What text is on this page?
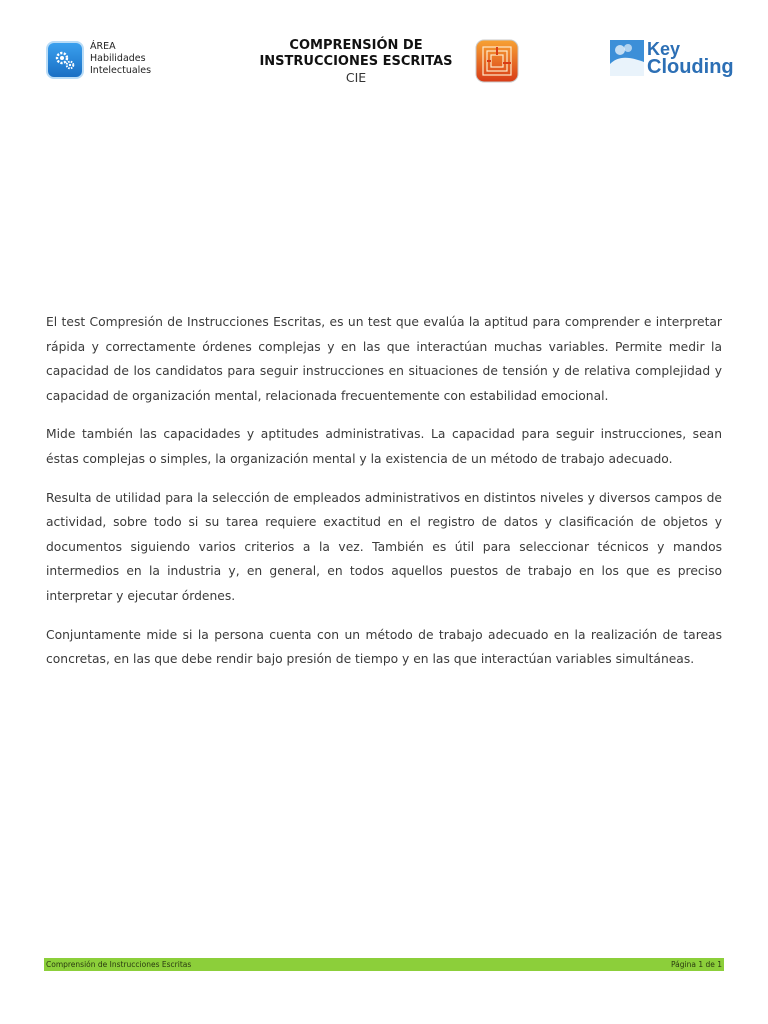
ÁREA
Habilidades
Intelectuales
COMPRENSIÓN DE
INSTRUCCIONES ESCRITAS
CIE
Key
Clouding

El test Compresión de Instrucciones Escritas, es un test que evalúa la aptitud para comprender e interpretar rápida y correctamente órdenes complejas y en las que interactúan muchas variables. Permite medir la capacidad de los candidatos para seguir instrucciones en situaciones de tensión y de relativa complejidad y capacidad de organización mental, relacionada frecuentemente con estabilidad emocional.

Mide también las capacidades y aptitudes administrativas. La capacidad para seguir instrucciones, sean éstas complejas o simples, la organización mental y la existencia de un método de trabajo adecuado.

Resulta de utilidad para la selección de empleados administrativos en distintos niveles y diversos campos de actividad, sobre todo si su tarea requiere exactitud en el registro de datos y clasificación de objetos y documentos siguiendo varios criterios a la vez. También es útil para seleccionar técnicos y mandos intermedios en la industria y, en general, en todos aquellos puestos de trabajo en los que es preciso interpretar y ejecutar órdenes.

Conjuntamente mide si la persona cuenta con un método de trabajo adecuado en la realización de tareas concretas, en las que debe rendir bajo presión de tiempo y en las que interactúan variables simultáneas.

Comprensión de Instrucciones Escritas	Página 1 de 1
